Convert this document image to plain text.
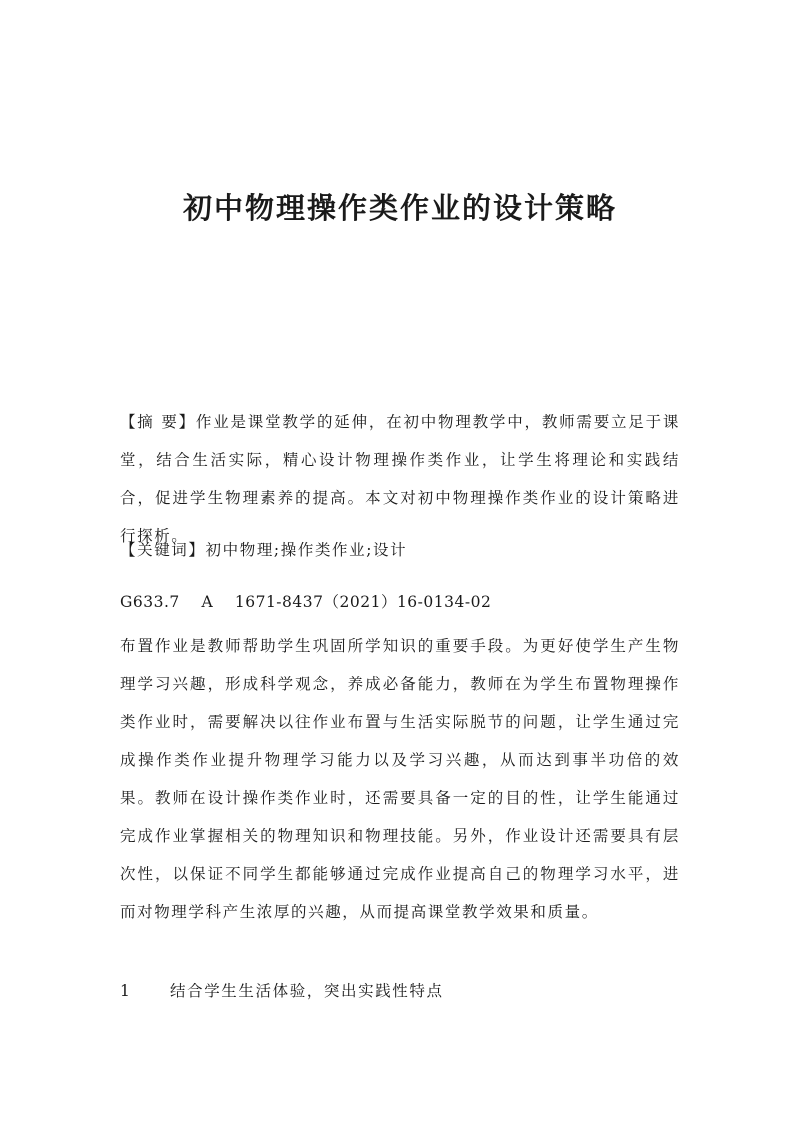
初中物理操作类作业的设计策略
【摘 要】作业是课堂教学的延伸，在初中物理教学中，教师需要立足于课堂，结合生活实际，精心设计物理操作类作业，让学生将理论和实践结合，促进学生物理素养的提高。本文对初中物理操作类作业的设计策略进行探析。
【关键词】初中物理;操作类作业;设计
G633.7    A    1671-8437（2021）16-0134-02
布置作业是教师帮助学生巩固所学知识的重要手段。为更好使学生产生物理学习兴趣，形成科学观念，养成必备能力，教师在为学生布置物理操作类作业时，需要解决以往作业布置与生活实际脱节的问题，让学生通过完成操作类作业提升物理学习能力以及学习兴趣，从而达到事半功倍的效果。教师在设计操作类作业时，还需要具备一定的目的性，让学生能通过完成作业掌握相关的物理知识和物理技能。另外，作业设计还需要具有层次性，以保证不同学生都能够通过完成作业提高自己的物理学习水平，进而对物理学科产生浓厚的兴趣，从而提高课堂教学效果和质量。
1 结合学生生活体验，突出实践性特点
